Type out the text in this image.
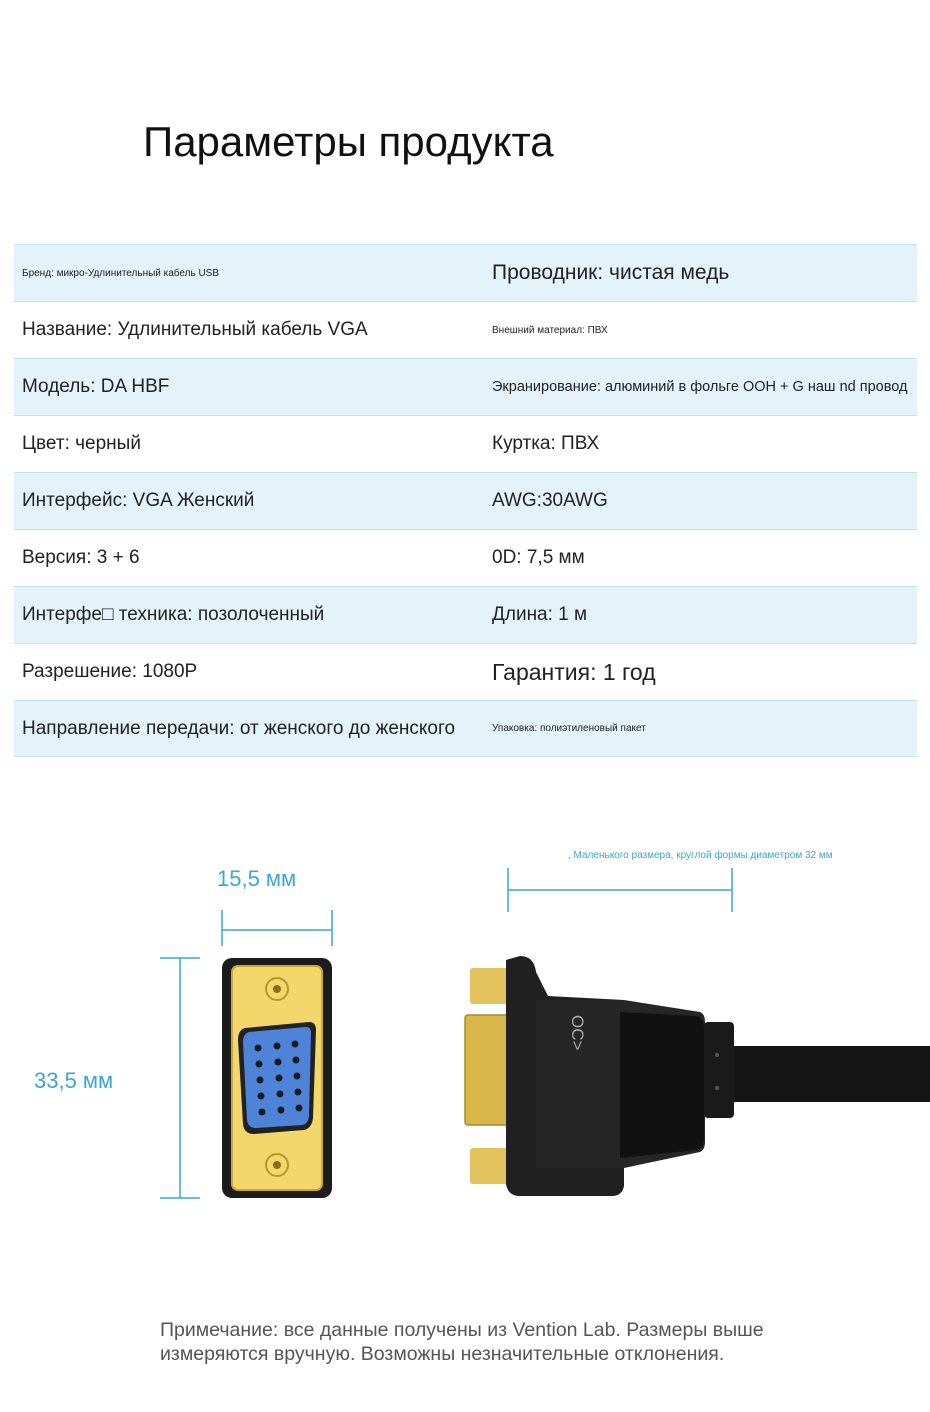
Параметры продукта
Бренд: микро-Удлинительный кабель USB	Проводник: чистая медь
Название: Удлинительный кабель VGA	Внешний материал: ПВХ
Модель: DA HBF	Экранирование: алюминий в фольге ООН + G наш nd провод
Цвет: черный	Куртка: ПВХ
Интерфейс: VGA Женский	AWG:30AWG
Версия: 3 + 6	0D: 7,5 мм
Интерфе□ техника: позолоченный	Длина: 1 м
Разрешение: 1080P	Гарантия: 1 год
Направление передачи: от женского до женского	Упаковка: полиэтиленовый пакет
OC>
15,5 мм
33,5 мм
, Маленького размера, круглой формы диаметром 32 мм
Примечание: все данные получены из Vention Lab. Размеры выше измеряются вручную. Возможны незначительные отклонения.
